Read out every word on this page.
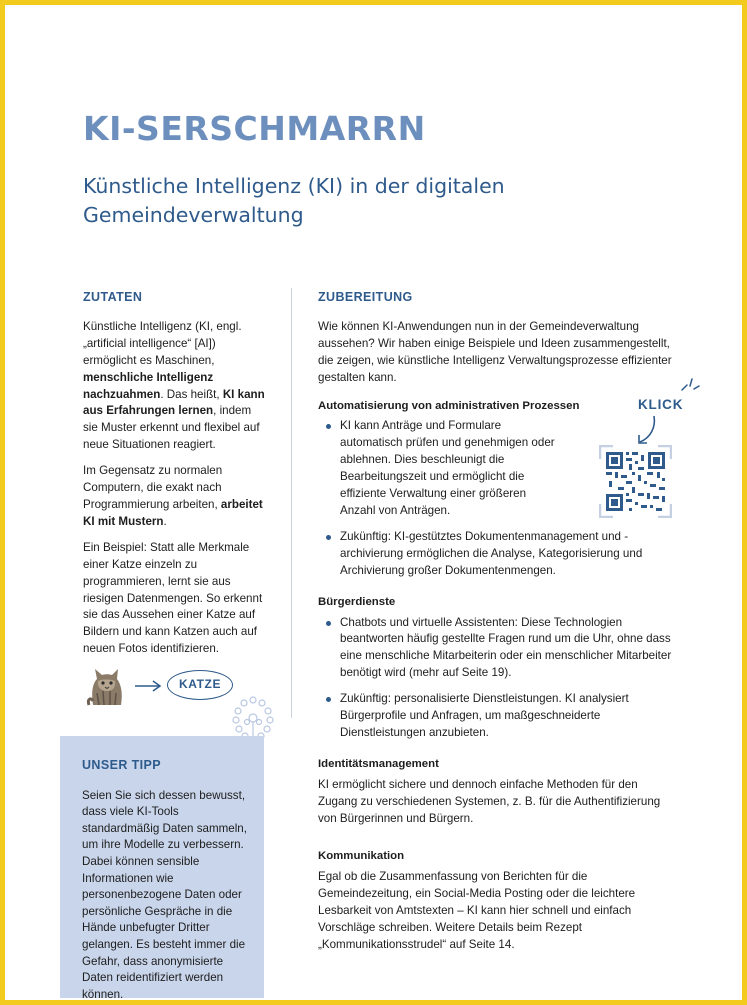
KI-SERSCHMARRN
Künstliche Intelligenz (KI) in der digitalen Gemeindeverwaltung
ZUTATEN

Künstliche Intelligenz (KI, engl. „artificial intelligence“ [AI]) ermöglicht es Maschinen, menschliche Intelligenz nachzuahmen. Das heißt, KI kann aus Erfahrungen lernen, indem sie Muster erkennt und flexibel auf neue Situationen reagiert.

Im Gegensatz zu normalen Computern, die exakt nach Programmierung arbeiten, arbeitet KI mit Mustern.

Ein Beispiel: Statt alle Merkmale einer Katze einzeln zu programmieren, lernt sie aus riesigen Datenmengen. So erkennt sie das Aussehen einer Katze auf Bildern und kann Katzen auch auf neuen Fotos identifizieren.

KATZE
UNSER TIPP

Seien Sie sich dessen bewusst, dass viele KI-Tools standardmäßig Daten sammeln, um ihre Modelle zu verbessern. Dabei können sensible Informationen wie personenbezogene Daten oder persönliche Gespräche in die Hände unbefugter Dritter gelangen. Es besteht immer die Gefahr, dass anonymisierte Daten reidentifiziert werden können.

ZUBEREITUNG

Wie können KI-Anwendungen nun in der Gemeindeverwaltung aussehen? Wir haben einige Beispiele und Ideen zusammengestellt, die zeigen, wie künstliche Intelligenz Verwaltungsprozesse effizienter gestalten kann.

Automatisierung von administrativen Prozessen
KI kann Anträge und Formulare automatisch prüfen und genehmigen oder ablehnen. Dies beschleunigt die Bearbeitungszeit und ermöglicht die effiziente Verwaltung einer größeren Anzahl von Anträgen.
Zukünftig: KI-gestütztes Dokumentenmanagement und -archivierung ermöglichen die Analyse, Kategorisierung und Archivierung großer Dokumentenmengen.
Bürgerdienste
Chatbots und virtuelle Assistenten: Diese Technologien beantworten häufig gestellte Fragen rund um die Uhr, ohne dass eine menschliche Mitarbeiterin oder ein menschlicher Mitarbeiter benötigt wird (mehr auf Seite 19).
Zukünftig: personalisierte Dienstleistungen. KI analysiert Bürgerprofile und Anfragen, um maßgeschneiderte Dienstleistungen anzubieten.
Identitätsmanagement

KI ermöglicht sichere und dennoch einfache Methoden für den Zugang zu verschiedenen Systemen, z. B. für die Authentifizierung von Bürgerinnen und Bürgern.

Kommunikation

Egal ob die Zusammenfassung von Berichten für die Gemeindezeitung, ein Social-Media Posting oder die leichtere Lesbarkeit von Amtstexten – KI kann hier schnell und einfach Vorschläge schreiben. Weitere Details beim Rezept „Kommunikationsstrudel“ auf Seite 14.

KLICK
